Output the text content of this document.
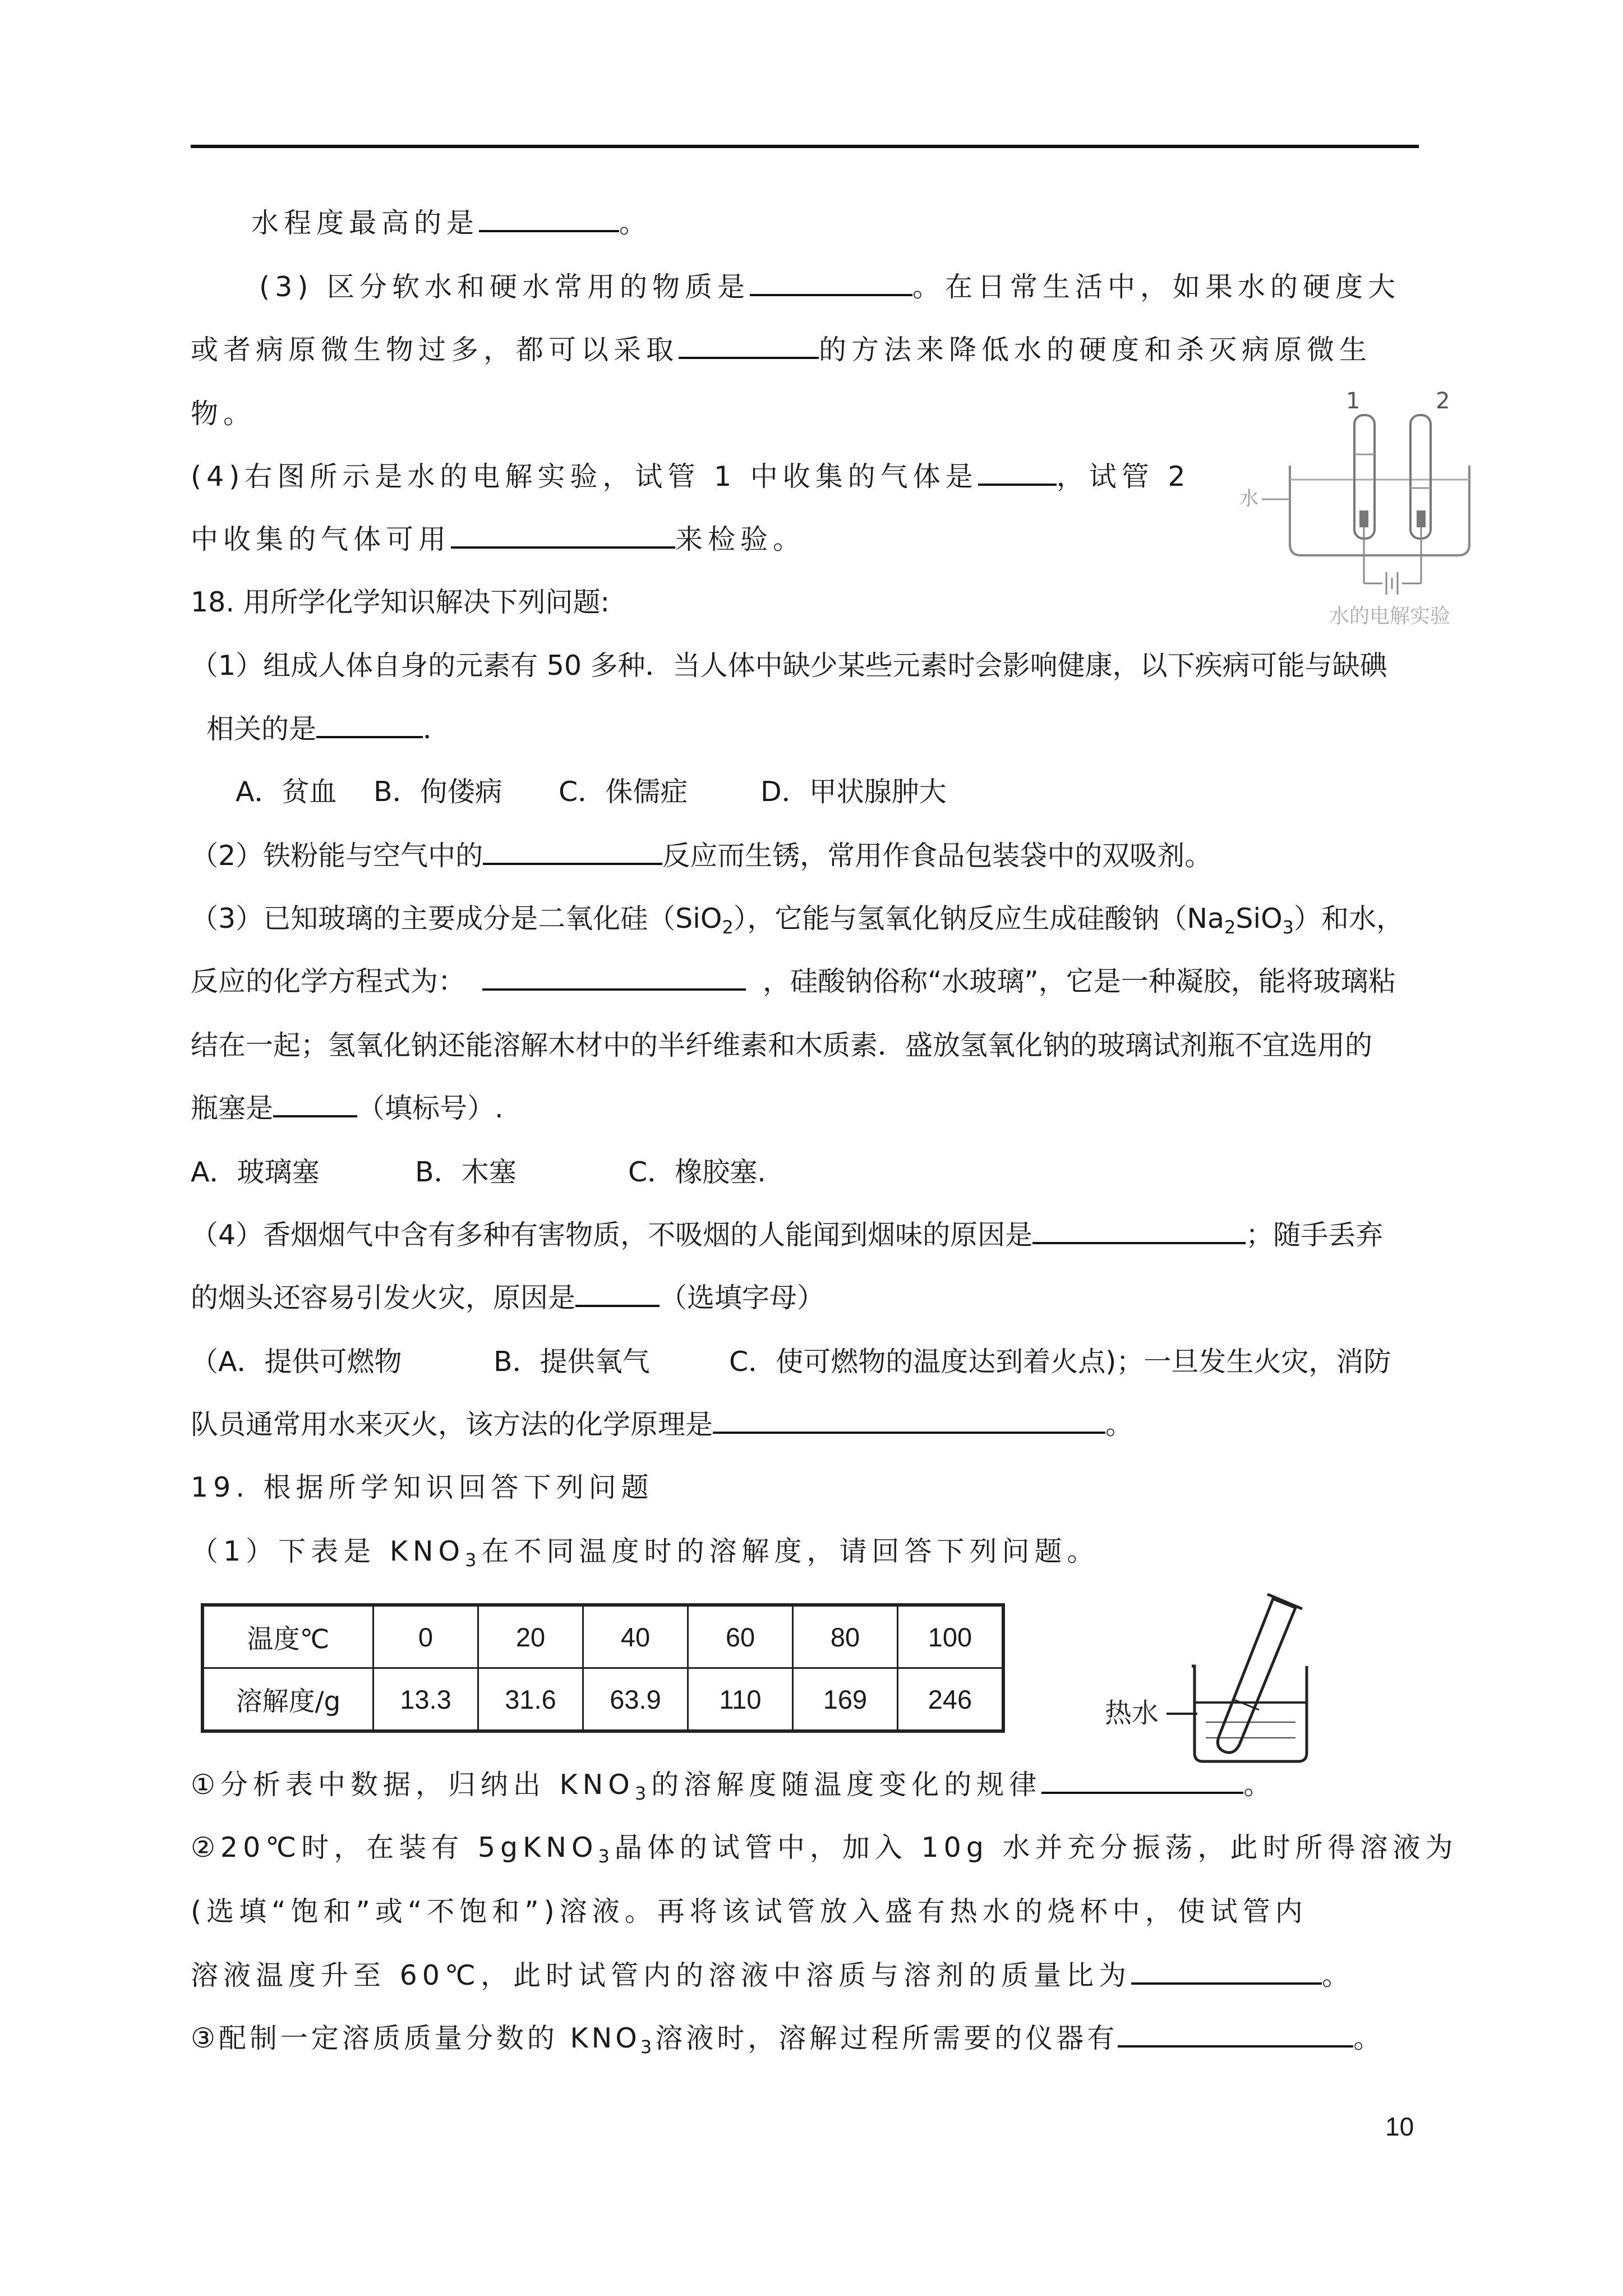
水程度最高的是	。
(3) 区分软水和硬水常用的物质是	。在日常生活中，如果水的硬度大
或者病原微生物过多，都可以采取	的方法来降低水的硬度和杀灭病原微生
物。
(4)右图所示是水的电解实验，试管 1 中收集的气体是	，试管 2
中收集的气体可用	来检验。
1	2
水
水的电解实验
18. 用所学化学知识解决下列问题:
（1）组成人体自身的元素有 50 多种．当人体中缺少某些元素时会影响健康，以下疾病可能与缺碘
相关的是	．
A．贫血 B．佝偻病 C．侏儒症	D．甲状腺肿大
（2）铁粉能与空气中的	反应而生锈，常用作食品包装袋中的双吸剂。
（3）已知玻璃的主要成分是二氧化硅（SiO$_2$），它能与氢氧化钠反应生成硅酸钠$(Na_2SiO_3)$和水，
反应的化学方程式为：	，硅酸钠俗称“水玻璃”，它是一种凝胶，能将玻璃粘
结在一起；氢氧化钠还能溶解木材中的半纤维素和木质素．盛放氢氧化钠的玻璃试剂瓶不宜选用的
瓶塞是	（填标号）.
A．玻璃塞	B．木塞	C．橡胶塞.
（4）香烟烟气中含有多种有害物质，不吸烟的人能闻到烟味的原因是	；随手丢弃
的烟头还容易引发火灾，原因是	（选填字母）
（A．提供可燃物	B．提供氧气	C．使可燃物的温度达到着火点)；一旦发生火灾，消防
队员通常用水来灭火，该方法的化学原理是	。
19. 根据所学知识回答下列问题
（1）下表是 $KNO_3$在不同温度时的溶解度，请回答下列问题。
温度℃	0	20	40	60	80	100
溶解度/g	13.3	31.6	63.9	110	169	246	热水
①分析表中数据，归纳出 $KNO_3$的溶解度随温度变化的规律	。
②20℃时，在装有 5gKNO$_3$晶体的试管中，加入 10g 水并充分振荡，此时所得溶液为
(选填“饱和”或“不饱和”)溶液。再将该试管放入盛有热水的烧杯中，使试管内
溶液温度升至 60℃，此时试管内的溶液中溶质与溶剂的质量比为	。
③配制一定溶质质量分数的 $KNO_3$溶液时，溶解过程所需要的仪器有	。
10
